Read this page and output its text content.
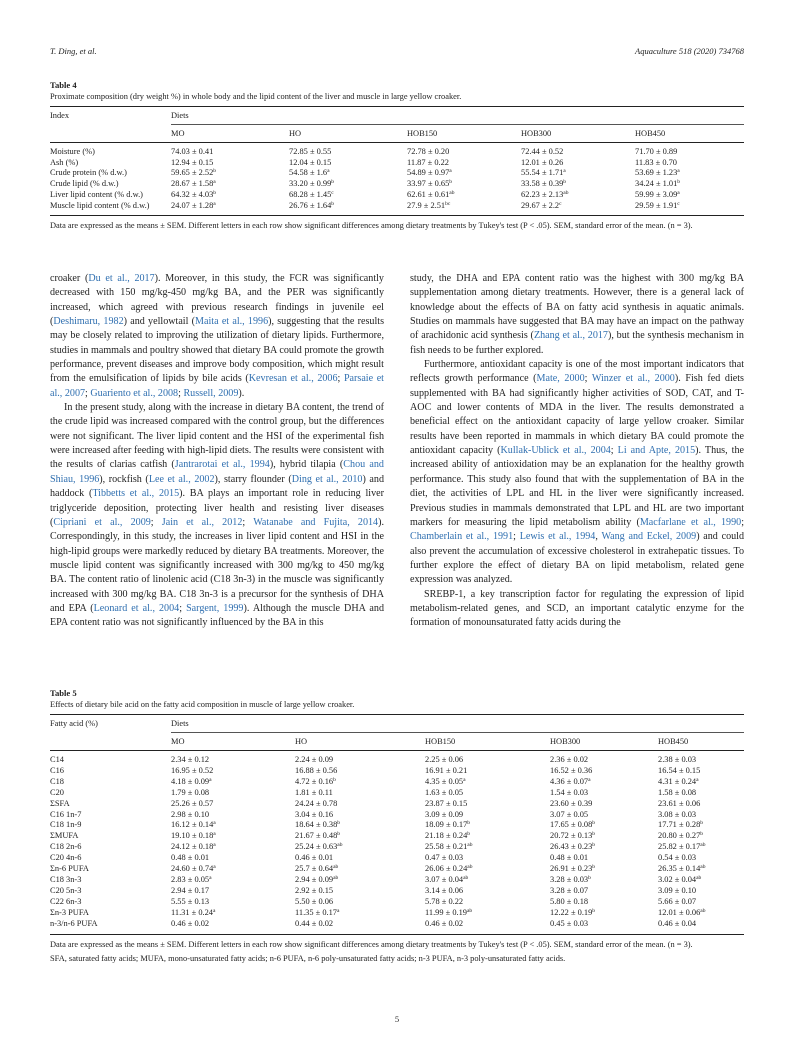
T. Ding, et al.	Aquaculture 518 (2020) 734768
Table 4
Proximate composition (dry weight %) in whole body and the lipid content of the liver and muscle in large yellow croaker.
Index	Diets				
	MO	HO	HOB150	HOB300	HOB450

Moisture (%)	74.03 ± 0.41	72.85 ± 0.55	72.78 ± 0.20	72.44 ± 0.52	71.70 ± 0.89
Ash (%)	12.94 ± 0.15	12.04 ± 0.15	11.87 ± 0.22	12.01 ± 0.26	11.83 ± 0.70
Crude protein (% d.w.)	59.65 ± 2.52$^b$	54.58 ± 1.6$^a$	54.89 ± 0.97$^a$	55.54 ± 1.71$^a$	53.69 ± 1.23$^a$
Crude lipid (% d.w.)	28.67 ± 1.58$^a$	33.20 ± 0.99$^b$	33.97 ± 0.65$^b$	33.58 ± 0.39$^b$	34.24 ± 1.01$^b$
Liver lipid content (% d.w.)	64.32 ± 4.03$^b$	68.28 ± 1.45$^c$	62.61 ± 0.61$^{ab}$	62.23 ± 2.13$^{ab}$	59.99 ± 3.09$^a$
Muscle lipid content (% d.w.)	24.07 ± 1.28$^a$	26.76 ± 1.64$^b$	27.9 ± 2.51$^{bc}$	29.67 ± 2.2$^c$	29.59 ± 1.91$^c$

Data are expressed as the means ± SEM. Different letters in each row show significant differences among dietary treatments by Tukey's test (P < .05). SEM, standard error of the mean. (n = 3).

croaker (Du et al., 2017). Moreover, in this study, the FCR was significantly decreased with 150 mg/kg-450 mg/kg BA, and the PER was significantly increased, which agreed with previous research findings in juvenile eel (Deshimaru, 1982) and yellowtail (Maita et al., 1996), suggesting that the results may be closely related to improving the utilization of dietary lipids. Furthermore, studies in mammals and poultry showed that dietary BA could promote the growth performance, prevent diseases and improve body composition, which might result from the emulsification of lipids by bile acids (Kevresan et al., 2006; Parsaie et al., 2007; Guariento et al., 2008; Russell, 2009).

In the present study, along with the increase in dietary BA content, the trend of the crude lipid was increased compared with the control group, but the differences were not significant. The liver lipid content and the HSI of the experimental fish were increased after feeding with high-lipid diets. The results were consistent with the results of clarias catfish (Jantrarotai et al., 1994), hybrid tilapia (Chou and Shiau, 1996), rockfish (Lee et al., 2002), starry flounder (Ding et al., 2010) and haddock (Tibbetts et al., 2015). BA plays an important role in reducing liver triglyceride deposition, protecting liver health and resisting liver diseases (Cipriani et al., 2009; Jain et al., 2012; Watanabe and Fujita, 2014). Correspondingly, in this study, the increases in liver lipid content and HSI in the high-lipid groups were markedly reduced by dietary BA treatments. Moreover, the muscle lipid content was significantly increased with 300 mg/kg to 450 mg/kg BA. The content ratio of linolenic acid (C18 3n-3) in the muscle was significantly increased with 300 mg/kg BA. C18 3n-3 is a precursor for the synthesis of DHA and EPA (Leonard et al., 2004; Sargent, 1999). Although the muscle DHA and EPA content ratio was not significantly influenced by the BA in this

study, the DHA and EPA content ratio was the highest with 300 mg/kg BA supplementation among dietary treatments. However, there is a general lack of knowledge about the effects of BA on fatty acid synthesis in aquatic animals. Studies on mammals have suggested that BA may have an impact on the pathway of arachidonic acid synthesis (Zhang et al., 2017), but the synthesis mechanism in fish needs to be further explored.

Furthermore, antioxidant capacity is one of the most important indicators that reflects growth performance (Mate, 2000; Winzer et al., 2000). Fish fed diets supplemented with BA had significantly higher activities of SOD, CAT, and T-AOC and lower contents of MDA in the liver. The results demonstrated a beneficial effect on the antioxidant capacity of large yellow croaker. Similar results have been reported in mammals in which dietary BA could promote the antioxidant capacity (Kullak-Ublick et al., 2004; Li and Apte, 2015). Thus, the increased ability of antioxidation may be an explanation for the healthy growth performance. This study also found that with the supplementation of BA in the diet, the activities of LPL and HL in the liver were significantly increased. Previous studies in mammals demonstrated that LPL and HL are two important markers for measuring the lipid metabolism ability (Macfarlane et al., 1990; Chamberlain et al., 1991; Lewis et al., 1994, Wang and Eckel, 2009) and could also prevent the accumulation of excessive cholesterol in extrahepatic tissues. To further explore the effect of dietary BA on lipid metabolism, related gene expression was analyzed.

SREBP-1, a key transcription factor for regulating the expression of lipid metabolism-related genes, and SCD, an important catalytic enzyme for the formation of monounsaturated fatty acids during the

Table 5
Effects of dietary bile acid on the fatty acid composition in muscle of large yellow croaker.
Fatty acid (%)	Diets				
	MO	HO	HOB150	HOB300	HOB450

C14	2.34 ± 0.12	2.24 ± 0.09	2.25 ± 0.06	2.36 ± 0.02	2.38 ± 0.03
C16	16.95 ± 0.52	16.88 ± 0.56	16.91 ± 0.21	16.52 ± 0.36	16.54 ± 0.15
C18	4.18 ± 0.09$^a$	4.72 ± 0.16$^b$	4.35 ± 0.05$^a$	4.36 ± 0.07$^a$	4.31 ± 0.24$^a$
C20	1.79 ± 0.08	1.81 ± 0.11	1.63 ± 0.05	1.54 ± 0.03	1.58 ± 0.08
ΣSFA	25.26 ± 0.57	24.24 ± 0.78	23.87 ± 0.15	23.60 ± 0.39	23.61 ± 0.06
C16 1n-7	2.98 ± 0.10	3.04 ± 0.16	3.09 ± 0.09	3.07 ± 0.05	3.08 ± 0.03
C18 1n-9	16.12 ± 0.14$^a$	18.64 ± 0.38$^b$	18.09 ± 0.17$^b$	17.65 ± 0.08$^b$	17.71 ± 0.28$^b$
ΣMUFA	19.10 ± 0.18$^a$	21.67 ± 0.48$^b$	21.18 ± 0.24$^b$	20.72 ± 0.13$^b$	20.80 ± 0.27$^b$
C18 2n-6	24.12 ± 0.18$^a$	25.24 ± 0.63$^{ab}$	25.58 ± 0.21$^{ab}$	26.43 ± 0.23$^b$	25.82 ± 0.17$^{ab}$
C20 4n-6	0.48 ± 0.01	0.46 ± 0.01	0.47 ± 0.03	0.48 ± 0.01	0.54 ± 0.03
Σn-6 PUFA	24.60 ± 0.74$^a$	25.7 ± 0.64$^{ab}$	26.06 ± 0.24$^{ab}$	26.91 ± 0.23$^b$	26.35 ± 0.14$^{ab}$
C18 3n-3	2.83 ± 0.05$^a$	2.94 ± 0.09$^{ab}$	3.07 ± 0.04$^{ab}$	3.28 ± 0.03$^b$	3.02 ± 0.04$^{ab}$
C20 5n-3	2.94 ± 0.17	2.92 ± 0.15	3.14 ± 0.06	3.28 ± 0.07	3.09 ± 0.10
C22 6n-3	5.55 ± 0.13	5.50 ± 0.06	5.78 ± 0.22	5.80 ± 0.18	5.66 ± 0.07
Σn-3 PUFA	11.31 ± 0.24$^a$	11.35 ± 0.17$^a$	11.99 ± 0.19$^{ab}$	12.22 ± 0.19$^b$	12.01 ± 0.06$^{ab}$
n-3/n-6 PUFA	0.46 ± 0.02	0.44 ± 0.02	0.46 ± 0.02	0.45 ± 0.03	0.46 ± 0.04

Data are expressed as the means ± SEM. Different letters in each row show significant differences among dietary treatments by Tukey's test (P < .05). SEM, standard error of the mean. (n = 3).
SFA, saturated fatty acids; MUFA, mono-unsaturated fatty acids; n-6 PUFA, n-6 poly-unsaturated fatty acids; n-3 PUFA, n-3 poly-unsaturated fatty acids.
5
